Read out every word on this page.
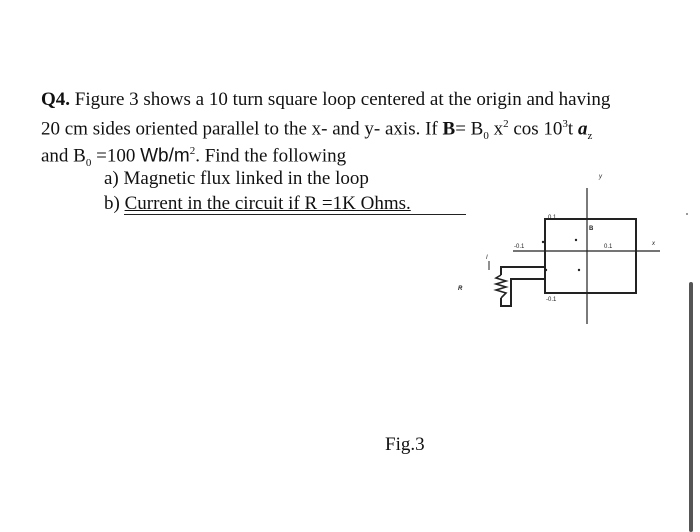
Q4. Figure 3 shows a 10 turn square loop centered at the origin and having
20 cm sides oriented parallel to the x- and y- axis. If $B= B_0$ $x^2$ $\cos 10^3t$ $a_z$
and $B_0 =100$ $Wb/m^2$. Find the following
a) Magnetic flux linked in the loop
b) Current in the circuit if R =1K Ohms.
y
x
0.1
-0.1	0.1
-0.1
B
I
R
Fig.3
